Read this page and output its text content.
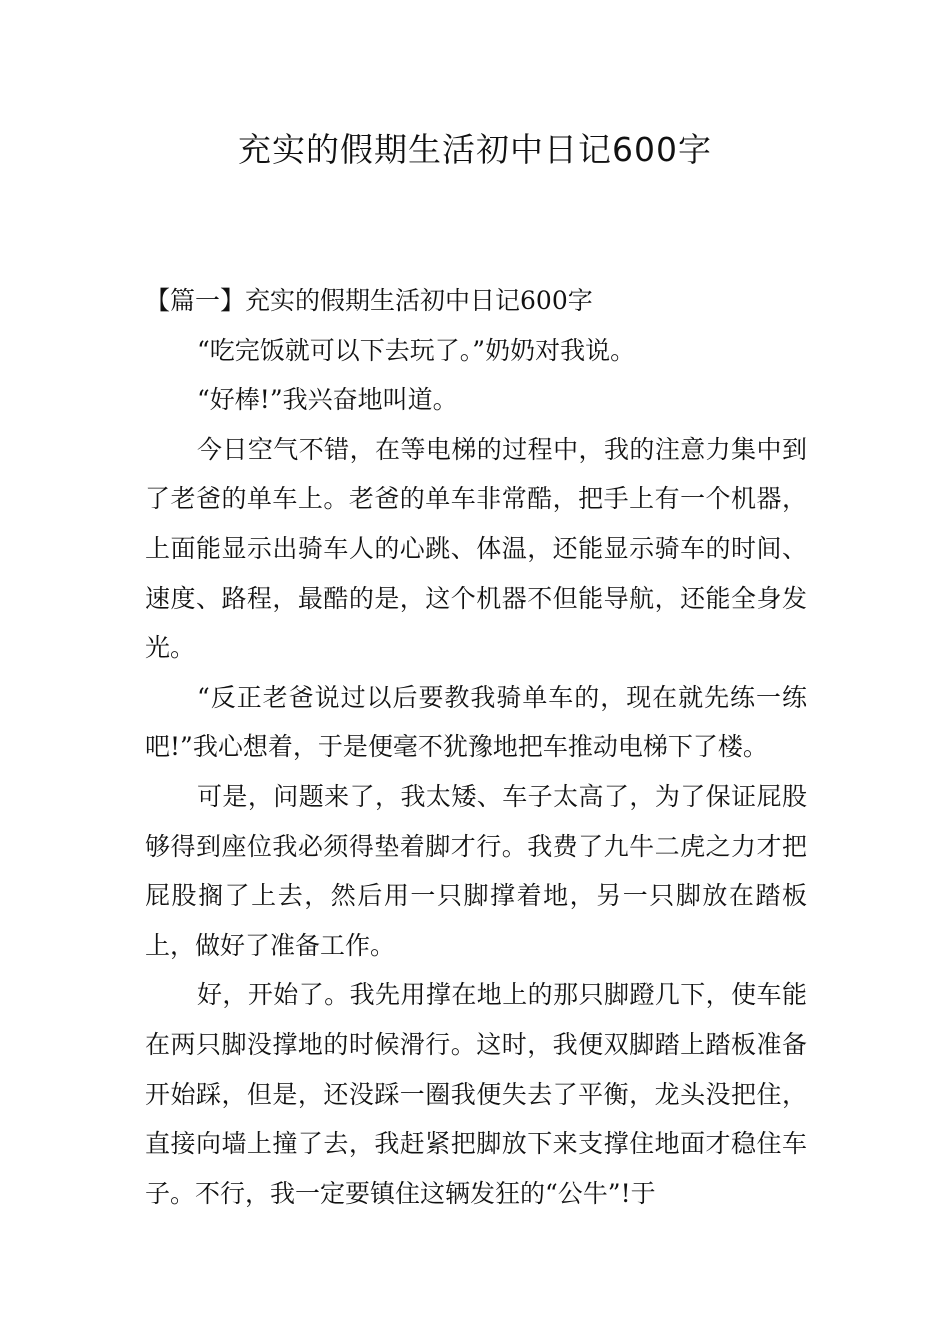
充实的假期生活初中日记600字

【篇一】充实的假期生活初中日记600字

“吃完饭就可以下去玩了。”奶奶对我说。

“好棒!”我兴奋地叫道。

今日空气不错，在等电梯的过程中，我的注意力集中到了老爸的单车上。老爸的单车非常酷，把手上有一个机器，上面能显示出骑车人的心跳、体温，还能显示骑车的时间、速度、路程，最酷的是，这个机器不但能导航，还能全身发光。

“反正老爸说过以后要教我骑单车的，现在就先练一练吧!”我心想着，于是便毫不犹豫地把车推动电梯下了楼。

可是，问题来了，我太矮、车子太高了，为了保证屁股够得到座位我必须得垫着脚才行。我费了九牛二虎之力才把屁股搁了上去，然后用一只脚撑着地，另一只脚放在踏板上，做好了准备工作。

好，开始了。我先用撑在地上的那只脚蹬几下，使车能在两只脚没撑地的时候滑行。这时，我便双脚踏上踏板准备开始踩，但是，还没踩一圈我便失去了平衡，龙头没把住，直接向墙上撞了去，我赶紧把脚放下来支撑住地面才稳住车子。不行，我一定要镇住这辆发狂的“公牛”!于
